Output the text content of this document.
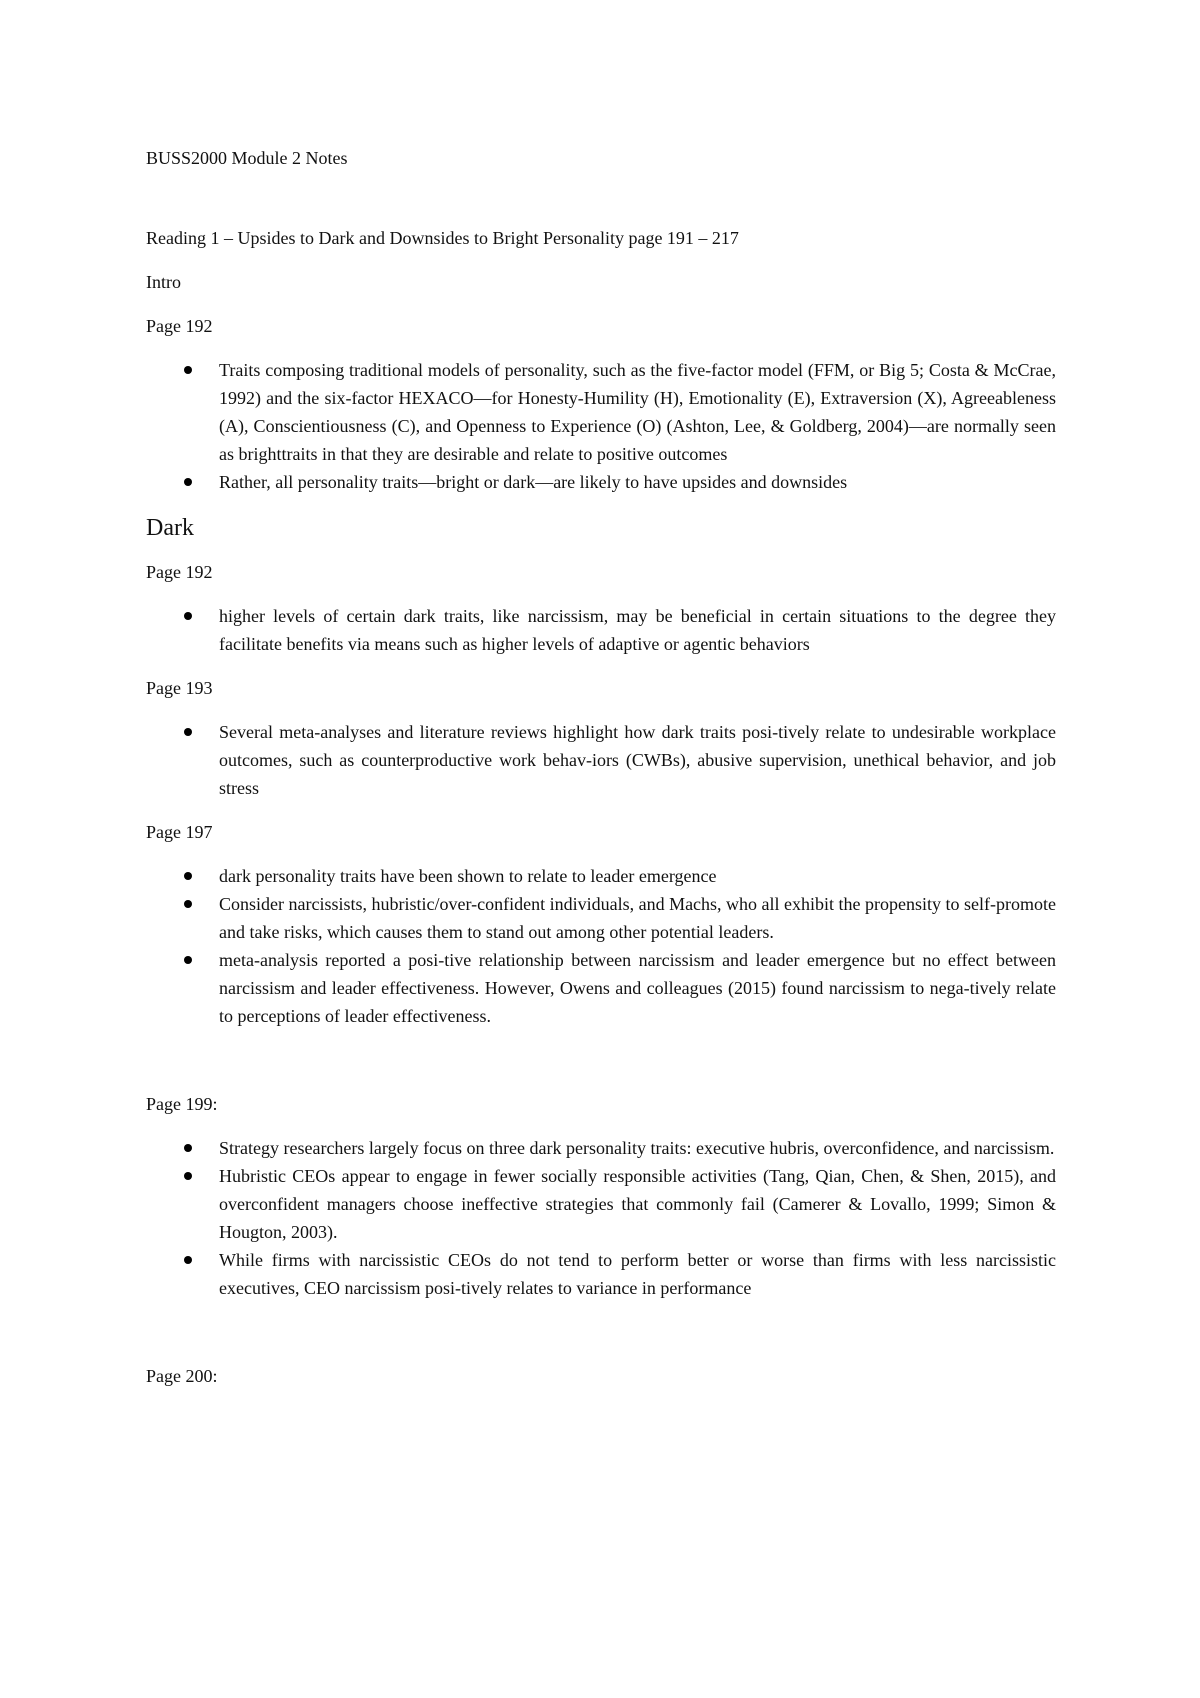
BUSS2000 Module 2 Notes

Reading 1 – Upsides to Dark and Downsides to Bright Personality page 191 – 217

Intro

Page 192

Traits composing traditional models of personality, such as the five-factor model (FFM, or Big 5; Costa & McCrae, 1992) and the six-factor HEXACO—for Honesty-Humility (H), Emotionality (E), Extraversion (X), Agreeableness (A), Conscientiousness (C), and Openness to Experience (O) (Ashton, Lee, & Goldberg, 2004)—are normally seen as brighttraits in that they are desirable and relate to positive outcomes
Rather, all personality traits—bright or dark—are likely to have upsides and downsides

Dark

Page 192

higher levels of certain dark traits, like narcissism, may be beneficial in certain situations to the degree they facilitate benefits via means such as higher levels of adaptive or agentic behaviors

Page 193

Several meta-analyses and literature reviews highlight how dark traits posi-tively relate to undesirable workplace outcomes, such as counterproductive work behav-iors (CWBs), abusive supervision, unethical behavior, and job stress

Page 197

dark personality traits have been shown to relate to leader emergence
Consider narcissists, hubristic/over-confident individuals, and Machs, who all exhibit the propensity to self-promote and take risks, which causes them to stand out among other potential leaders.
meta-analysis reported a posi-tive relationship between narcissism and leader emergence but no effect between narcissism and leader effectiveness. However, Owens and colleagues (2015) found narcissism to nega-tively relate to perceptions of leader effectiveness.

Page 199:

Strategy researchers largely focus on three dark personality traits: executive hubris, overconfidence, and narcissism.
Hubristic CEOs appear to engage in fewer socially responsible activities (Tang, Qian, Chen, & Shen, 2015), and overconfident managers choose ineffective strategies that commonly fail (Camerer & Lovallo, 1999; Simon & Hougton, 2003).
While firms with narcissistic CEOs do not tend to perform better or worse than firms with less narcissistic executives, CEO narcissism posi-tively relates to variance in performance

Page 200:
